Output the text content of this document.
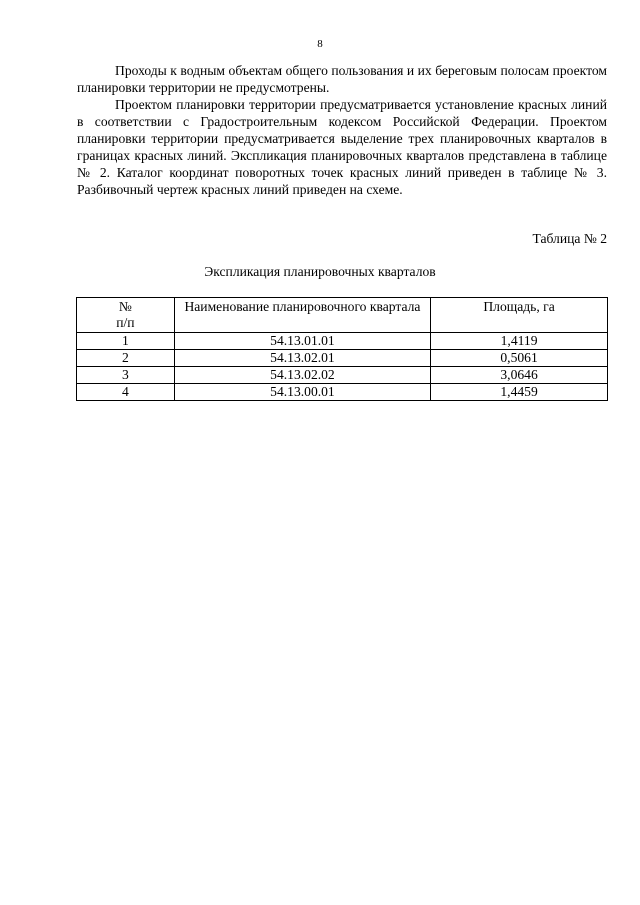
8

Проходы к водным объектам общего пользования и их береговым полосам проектом планировки территории не предусмотрены.

Проектом планировки территории предусматривается установление красных линий в соответствии с Градостроительным кодексом Российской Федерации. Проектом планировки территории предусматривается выделение трех планировочных кварталов в границах красных линий. Экспликация планировочных кварталов представлена в таблице № 2. Каталог координат поворотных точек красных линий приведен в таблице № 3. Разбивочный чертеж красных линий приведен на схеме.

Таблица № 2
Экспликация планировочных кварталов
№
п/п	Наименование планировочного квартала	Площадь, га
1	54.13.01.01	1,4119
2	54.13.02.01	0,5061
3	54.13.02.02	3,0646
4	54.13.00.01	1,4459
